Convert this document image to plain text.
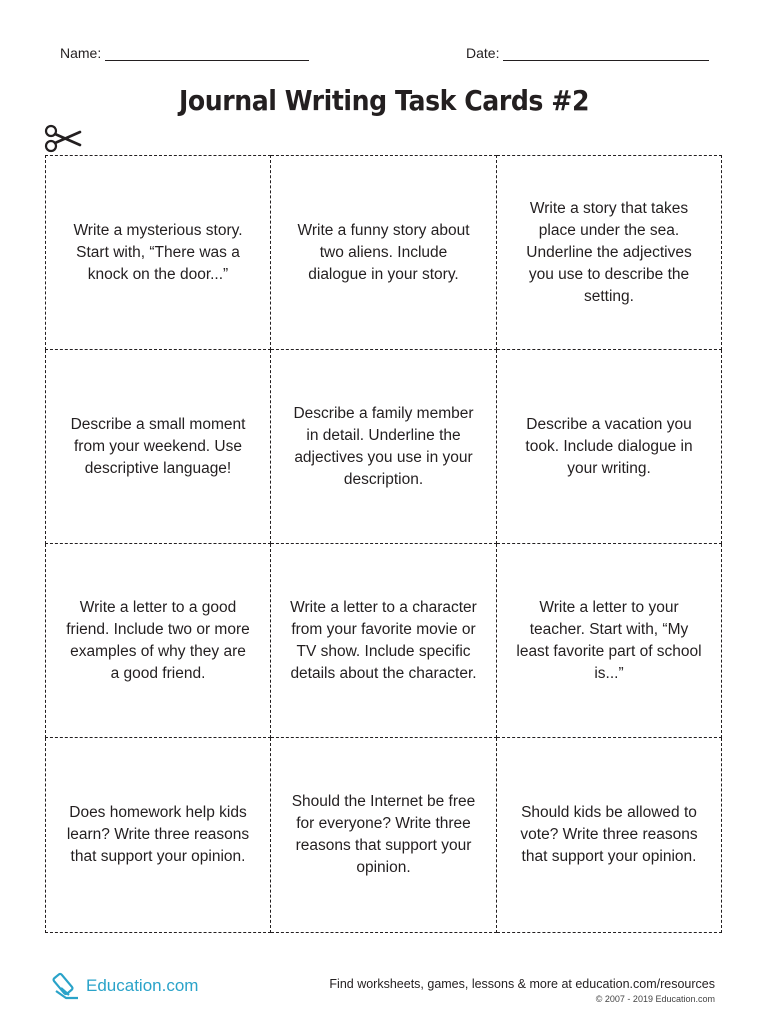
Name:	Date:
Journal Writing Task Cards #2
Write a mysterious story. Start with, “There was a knock on the door...”
Write a funny story about two aliens. Include dialogue in your story.
Write a story that takes place under the sea. Underline the adjectives you use to describe the setting.
Describe a small moment from your weekend. Use descriptive language!
Describe a family member in detail. Underline the adjectives you use in your description.
Describe a vacation you took. Include dialogue in your writing.
Write a letter to a good friend. Include two or more examples of why they are a good friend.
Write a letter to a character from your favorite movie or TV show. Include specific details about the character.
Write a letter to your teacher. Start with, “My least favorite part of school is...”
Does homework help kids learn? Write three reasons that support your opinion.
Should the Internet be free for everyone? Write three reasons that support your opinion.
Should kids be allowed to vote? Write three reasons that support your opinion.
Education.com	Find worksheets, games, lessons & more at education.com/resources
© 2007 - 2019 Education.com
